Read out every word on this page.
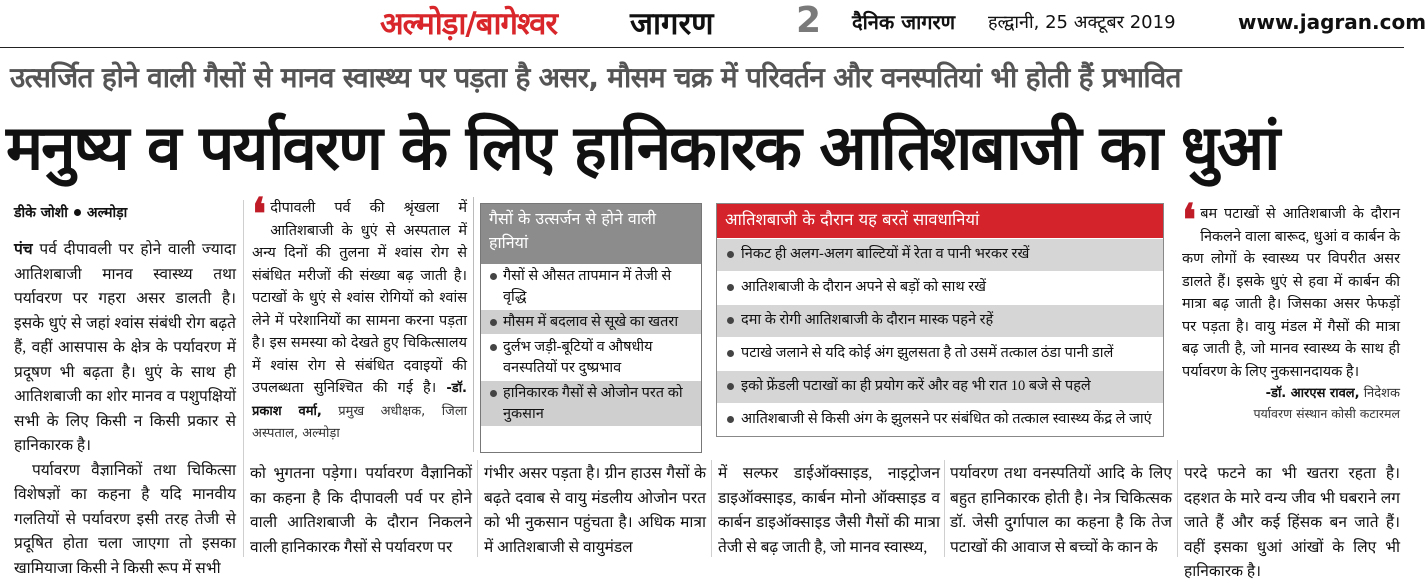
अल्मोड़ा/बागेश्वर जागरण 2 दैनिक जागरण हल्द्वानी, 25 अक्टूबर 2019	www.jagran.com
उत्सर्जित होने वाली गैसों से मानव स्वास्थ्य पर पड़ता है असर, मौसम चक्र में परिवर्तन और वनस्पतियां भी होती हैं प्रभावित
मनुष्य व पर्यावरण के लिए हानिकारक आतिशबाजी का धुआं
डीके जोशी अल्मोड़ा

पंच पर्व दीपावली पर होने वाली ज्यादा आतिशबाजी मानव स्वास्थ्य तथा पर्यावरण पर गहरा असर डालती है। इसके धुएं से जहां श्वांस संबंधी रोग बढ़ते हैं, वहीं आसपास के क्षेत्र के पर्यावरण में प्रदूषण भी बढ़ता है। धुएं के साथ ही आतिशबाजी का शोर मानव व पशुपक्षियों सभी के लिए किसी न किसी प्रकार से हानिकारक है।

पर्यावरण वैज्ञानिकों तथा चिकित्सा विशेषज्ञों का कहना है यदि मानवीय गलतियों से पर्यावरण इसी तरह तेजी से प्रदूषित होता चला जाएगा तो इसका खामियाजा किसी ने किसी रूप में सभी

❛ दीपावली पर्व की श्रृंखला में आतिशबाजी के धुएं से अस्पताल में अन्य दिनों की तुलना में श्वांस रोग से संबंधित मरीजों की संख्या बढ़ जाती है। पटाखों के धुएं से श्वांस रोगियों को श्वांस लेने में परेशानियों का सामना करना पड़ता है। इस समस्या को देखते हुए चिकित्सालय में श्वांस रोग से संबंधित दवाइयों की उपलब्धता सुनिश्चित की गई है। -डॉ. प्रकाश वर्मा, प्रमुख अधीक्षक, जिला अस्पताल, अल्मोड़ा
गैसों के उत्सर्जन से होने वाली हानियां
गैसों से औसत तापमान में तेजी से वृद्धि
मौसम में बदलाव से सूखे का खतरा
दुर्लभ जड़ी-बूटियों व औषधीय वनस्पतियों पर दुष्प्रभाव
हानिकारक गैसों से ओजोन परत को नुकसान
आतिशबाजी के दौरान यह बरतें सावधानियां
निकट ही अलग-अलग बाल्टियों में रेता व पानी भरकर रखें
आतिशबाजी के दौरान अपने से बड़ों को साथ रखें
दमा के रोगी आतिशबाजी के दौरान मास्क पहने रहें
पटाखे जलाने से यदि कोई अंग झुलसता है तो उसमें तत्काल ठंडा पानी डालें
इको फ्रेंडली पटाखों का ही प्रयोग करें और वह भी रात 10 बजे से पहले
आतिशबाजी से किसी अंग के झुलसने पर संबंधित को तत्काल स्वास्थ्य केंद्र ले जाएं
❛ बम पटाखों से आतिशबाजी के दौरान निकलने वाला बारूद, धुआं व कार्बन के कण लोगों के स्वास्थ्य पर विपरीत असर डालते हैं। इसके धुएं से हवा में कार्बन की मात्रा बढ़ जाती है। जिसका असर फेफड़ों पर पड़ता है। वायु मंडल में गैसों की मात्रा बढ़ जाती है, जो मानव स्वास्थ्य के साथ ही पर्यावरण के लिए नुकसानदायक है।
-डॉ. आरएस रावल, निदेशक
पर्यावरण संस्थान कोसी कटारमल
को भुगतना पड़ेगा। पर्यावरण वैज्ञानिकों का कहना है कि दीपावली पर्व पर होने वाली आतिशबाजी के दौरान निकलने वाली हानिकारक गैसों से पर्यावरण पर
गंभीर असर पड़ता है। ग्रीन हाउस गैसों के बढ़ते दवाब से वायु मंडलीय ओजोन परत को भी नुकसान पहुंचता है। अधिक मात्रा में आतिशबाजी से वायुमंडल
में सल्फर डाईऑक्साइड, नाइट्रोजन डाइऑक्साइड, कार्बन मोनो ऑक्साइड व कार्बन डाइऑक्साइड जैसी गैसों की मात्रा तेजी से बढ़ जाती है, जो मानव स्वास्थ्य,
पर्यावरण तथा वनस्पतियों आदि के लिए बहुत हानिकारक होती है। नेत्र चिकित्सक डॉ. जेसी दुर्गापाल का कहना है कि तेज पटाखों की आवाज से बच्चों के कान के
परदे फटने का भी खतरा रहता है। दहशत के मारे वन्य जीव भी घबराने लग जाते हैं और कई हिंसक बन जाते हैं। वहीं इसका धुआं आंखों के लिए भी हानिकारक है।
